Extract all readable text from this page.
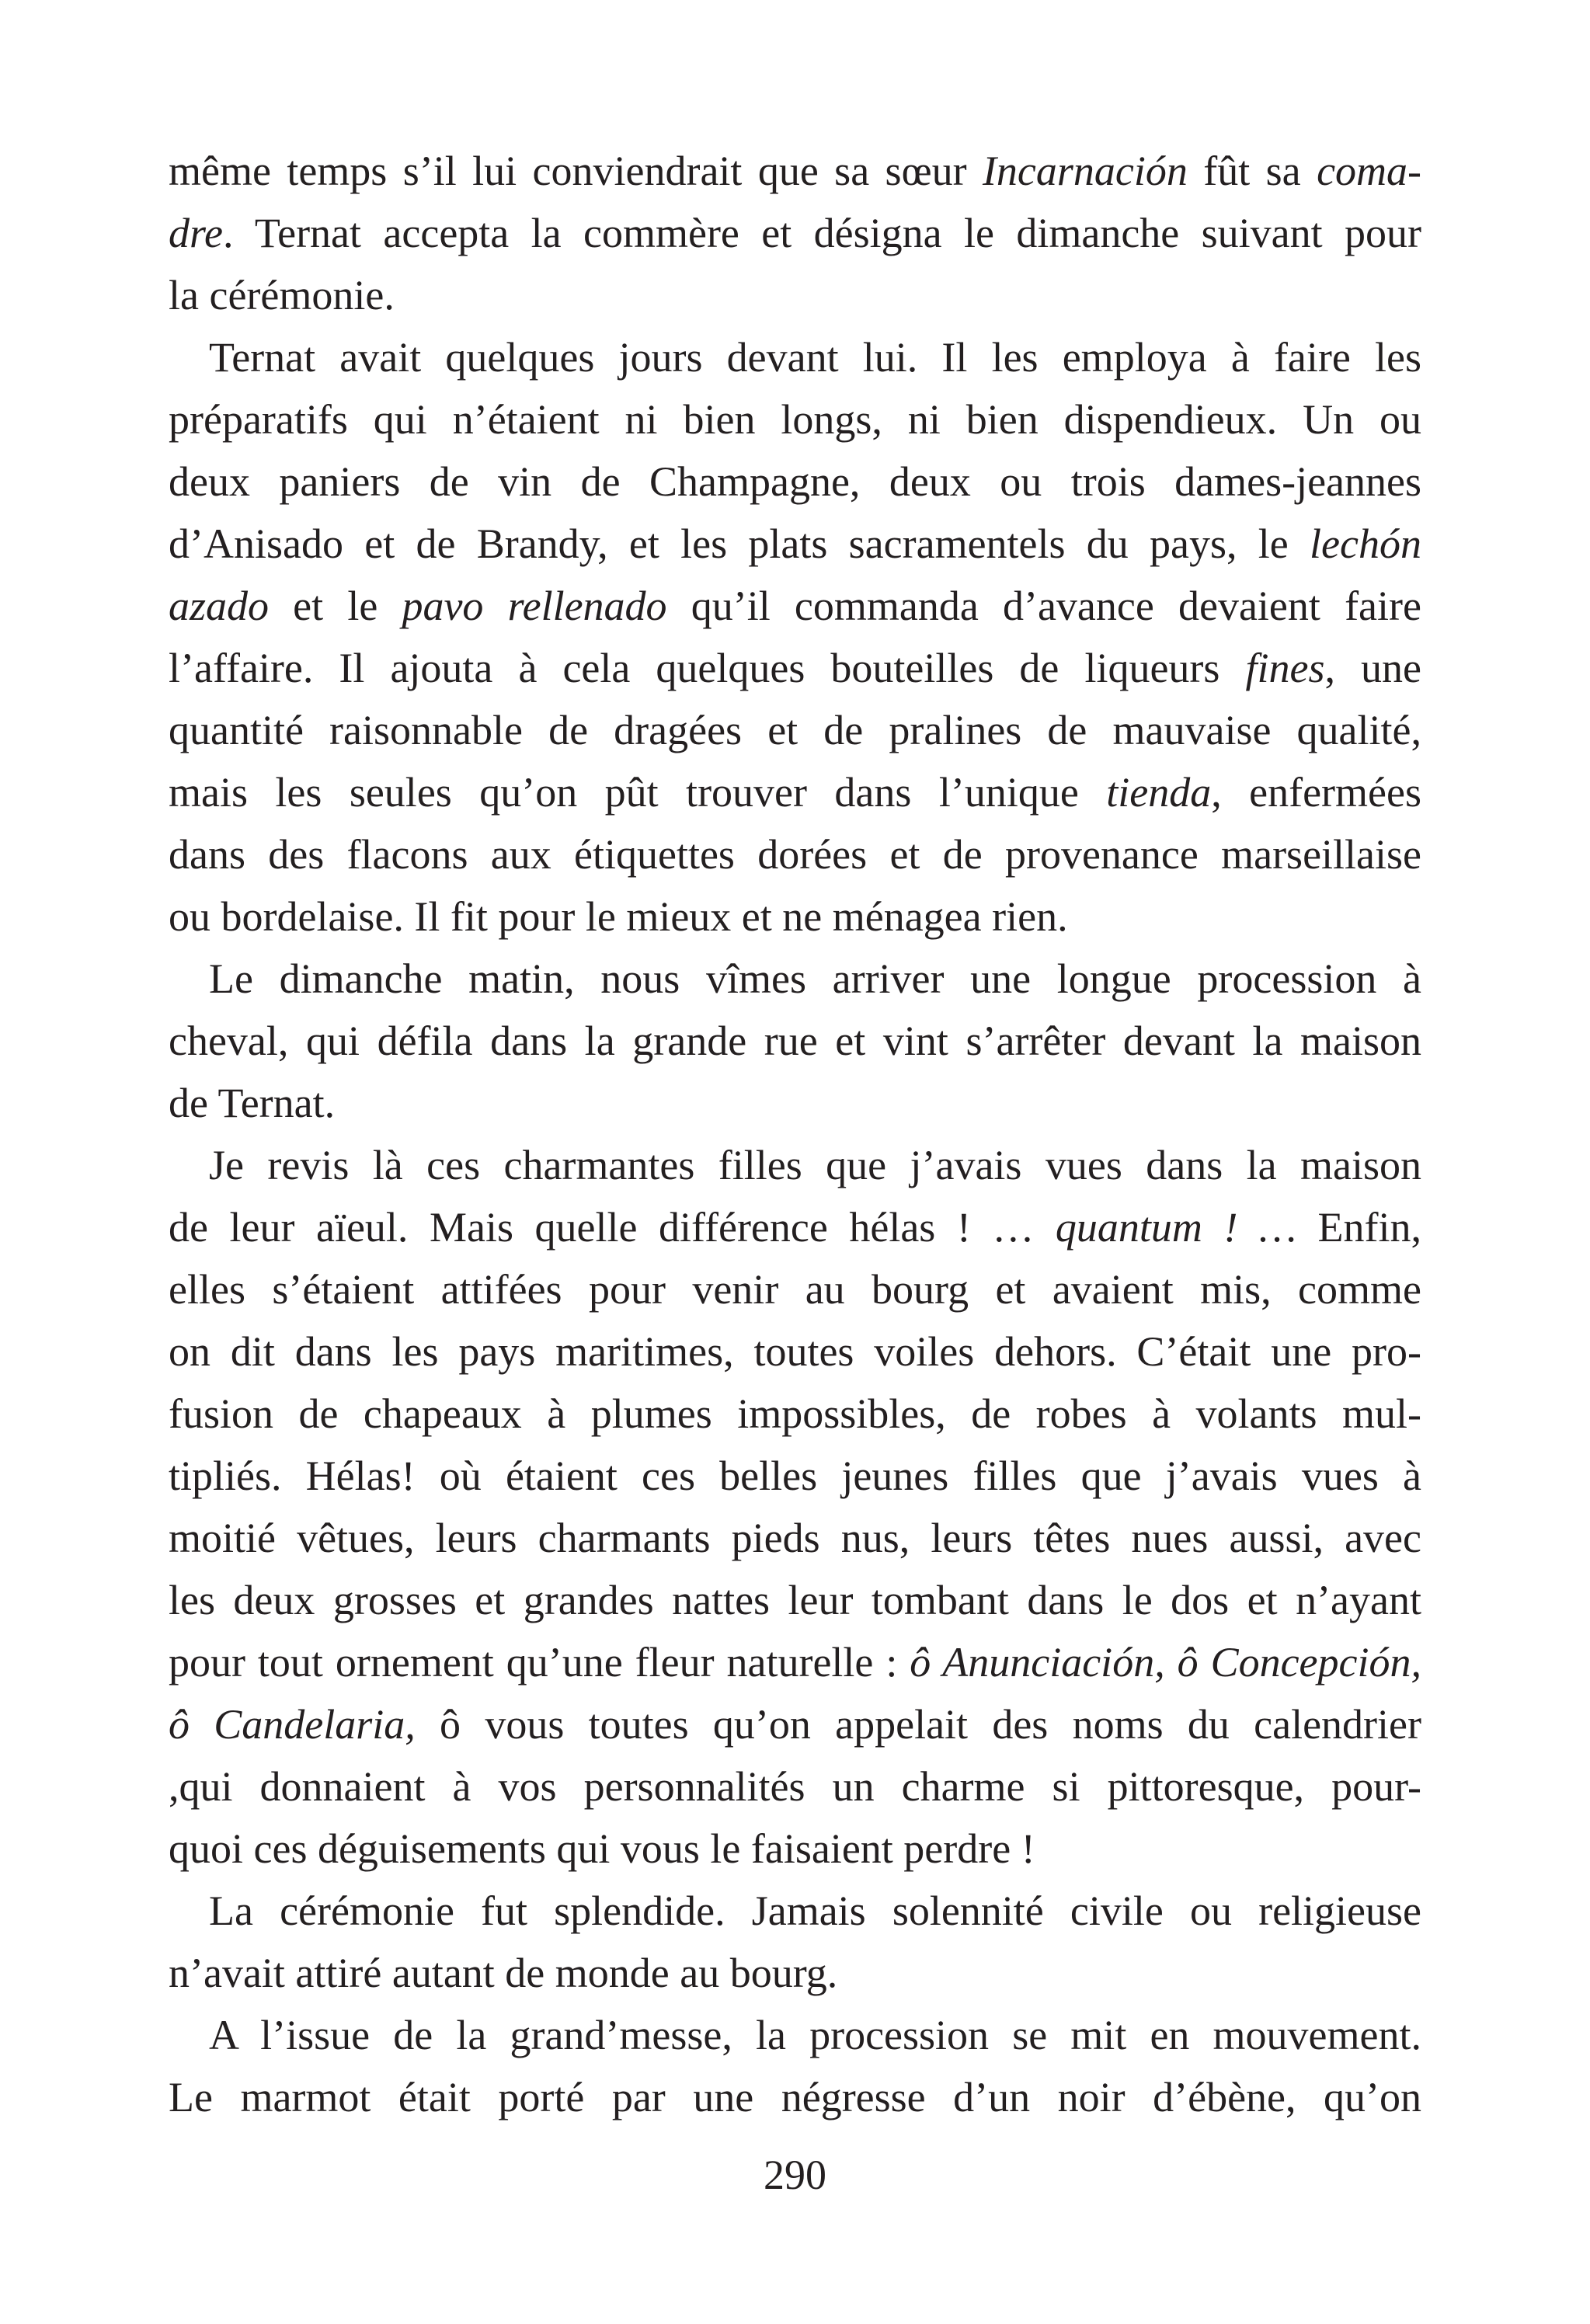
même temps s’il lui conviendrait que sa sœur Incarnación fût sa coma-
dre. Ternat accepta la commère et désigna le dimanche suivant pour
la cérémonie.
Ternat avait quelques jours devant lui. Il les employa à faire les
préparatifs qui n’étaient ni bien longs, ni bien dispendieux. Un ou
deux paniers de vin de Champagne, deux ou trois dames-jeannes
d’Anisado et de Brandy, et les plats sacramentels du pays, le lechón
azado et le pavo rellenado qu’il commanda d’avance devaient faire
l’affaire. Il ajouta à cela quelques bouteilles de liqueurs fines, une
quantité raisonnable de dragées et de pralines de mauvaise qualité,
mais les seules qu’on pût trouver dans l’unique tienda, enfermées
dans des flacons aux étiquettes dorées et de provenance marseillaise
ou bordelaise. Il fit pour le mieux et ne ménagea rien.
Le dimanche matin, nous vîmes arriver une longue procession à
cheval, qui défila dans la grande rue et vint s’arrêter devant la maison
de Ternat.
Je revis là ces charmantes filles que j’avais vues dans la maison
de leur aïeul. Mais quelle différence hélas ! … quantum ! … Enfin,
elles s’étaient attifées pour venir au bourg et avaient mis, comme
on dit dans les pays maritimes, toutes voiles dehors. C’était une pro-
fusion de chapeaux à plumes impossibles, de robes à volants mul-
tipliés. Hélas! où étaient ces belles jeunes filles que j’avais vues à
moitié vêtues, leurs charmants pieds nus, leurs têtes nues aussi, avec
les deux grosses et grandes nattes leur tombant dans le dos et n’ayant
pour tout ornement qu’une fleur naturelle : ô Anunciación, ô Concepción,
ô Candelaria, ô vous toutes qu’on appelait des noms du calendrier
,qui donnaient à vos personnalités un charme si pittoresque, pour-
quoi ces déguisements qui vous le faisaient perdre !
La cérémonie fut splendide. Jamais solennité civile ou religieuse
n’avait attiré autant de monde au bourg.
A l’issue de la grand’messe, la procession se mit en mouvement.
Le marmot était porté par une négresse d’un noir d’ébène, qu’on
290
